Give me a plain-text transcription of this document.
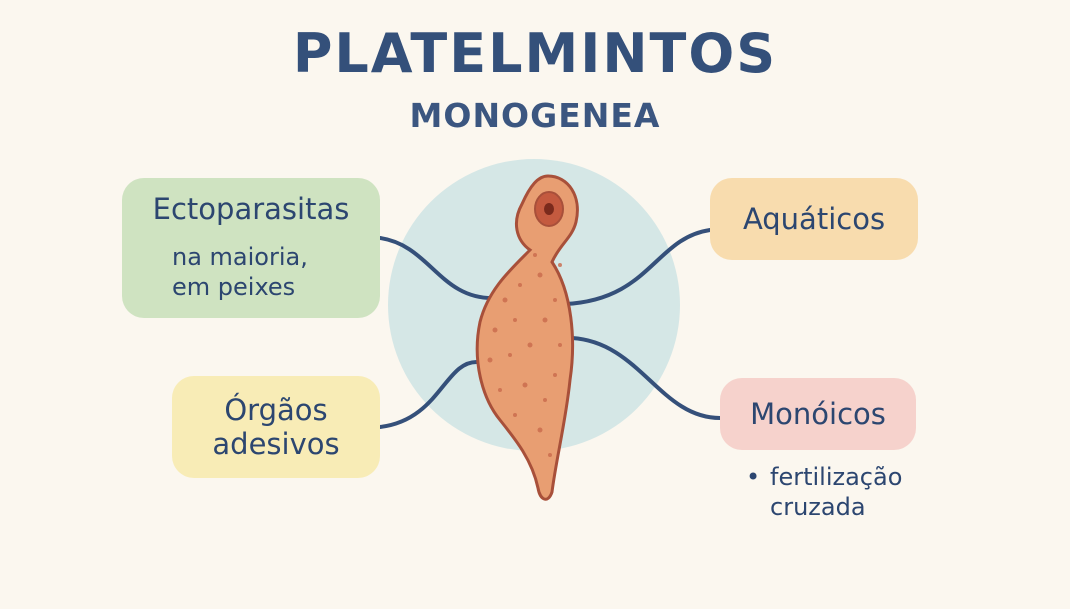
PLATELMINTOS
MONOGENEA
Ectoparasitas
na maioria,
em peixes
Órgãos
adesivos
Aquáticos
Monóicos
• fertilização
cruzada
